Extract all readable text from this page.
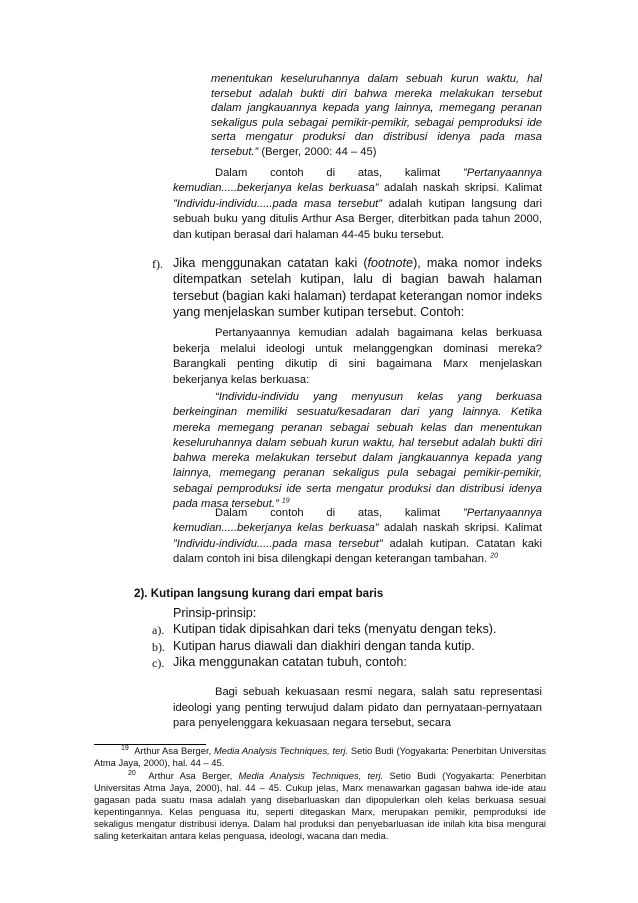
menentukan keseluruhannya dalam sebuah kurun waktu, hal tersebut adalah bukti diri bahwa mereka melakukan tersebut dalam jangkauannya kepada yang lainnya, memegang peranan sekaligus pula sebagai pemikir-pemikir, sebagai pemproduksi ide serta mengatur produksi dan distribusi idenya pada masa tersebut.” (Berger, 2000: 44 – 45)
Dalam contoh di atas, kalimat ”Pertanyaannya kemudian.....bekerjanya kelas berkuasa” adalah naskah skripsi. Kalimat ”Individu-individu.....pada masa tersebut” adalah kutipan langsung dari sebuah buku yang ditulis Arthur Asa Berger, diterbitkan pada tahun 2000, dan kutipan berasal dari halaman 44-45 buku tersebut.
f). Jika menggunakan catatan kaki (footnote), maka nomor indeks ditempatkan setelah kutipan, lalu di bagian bawah halaman tersebut (bagian kaki halaman) terdapat keterangan nomor indeks yang menjelaskan sumber kutipan tersebut. Contoh:
Pertanyaannya kemudian adalah bagaimana kelas berkuasa bekerja melalui ideologi untuk melanggengkan dominasi mereka? Barangkali penting dikutip di sini bagaimana Marx menjelaskan bekerjanya kelas berkuasa:
“Individu-individu yang menyusun kelas yang berkuasa berkeinginan memiliki sesuatu/kesadaran dari yang lainnya. Ketika mereka memegang peranan sebagai sebuah kelas dan menentukan keseluruhannya dalam sebuah kurun waktu, hal tersebut adalah bukti diri bahwa mereka melakukan tersebut dalam jangkauannya kepada yang lainnya, memegang peranan sekaligus pula sebagai pemikir-pemikir, sebagai pemproduksi ide serta mengatur produksi dan distribusi idenya pada masa tersebut.” $^{19}$
Dalam contoh di atas, kalimat ”Pertanyaannya kemudian.....bekerjanya kelas berkuasa” adalah naskah skripsi. Kalimat ”Individu-individu.....pada masa tersebut” adalah kutipan. Catatan kaki dalam contoh ini bisa dilengkapi dengan keterangan tambahan. $^{20}$
2). Kutipan langsung kurang dari empat baris
Prinsip-prinsip:
a). Kutipan tidak dipisahkan dari teks (menyatu dengan teks).
b). Kutipan harus diawali dan diakhiri dengan tanda kutip.
c). Jika menggunakan catatan tubuh, contoh:
Bagi sebuah kekuasaan resmi negara, salah satu representasi ideologi yang penting terwujud dalam pidato dan pernyataan-pernyataan para penyelenggara kekuasaan negara tersebut, secara
$^{19}$ Arthur Asa Berger, Media Analysis Techniques, terj. Setio Budi (Yogyakarta: Penerbitan Universitas Atma Jaya, 2000), hal. 44 – 45.
$^{20}$ Arthur Asa Berger, Media Analysis Techniques, terj. Setio Budi (Yogyakarta: Penerbitan Universitas Atma Jaya, 2000), hal. 44 – 45. Cukup jelas, Marx menawarkan gagasan bahwa ide-ide atau gagasan pada suatu masa adalah yang disebarluaskan dan dipopulerkan oleh kelas berkuasa sesuai kepentingannya. Kelas penguasa itu, seperti ditegaskan Marx, merupakan pemikir, pemproduksi ide sekaligus mengatur distribusi idenya. Dalam hal produksi dan penyebarluasan ide inilah kita bisa mengurai saling keterkaitan antara kelas penguasa, ideologi, wacana dan media.
